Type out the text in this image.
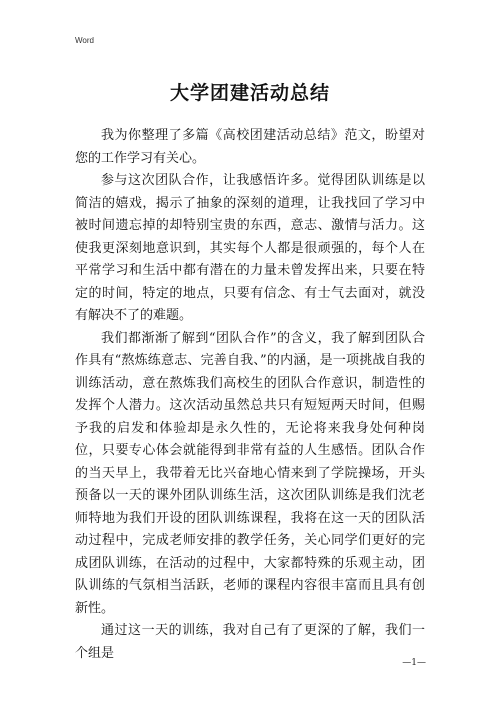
Word

大学团建活动总结

我为你整理了多篇《高校团建活动总结》范文，盼望对您的工作学习有关心。

参与这次团队合作，让我感悟许多。觉得团队训练是以简洁的嬉戏，揭示了抽象的深刻的道理，让我找回了学习中被时间遗忘掉的却特别宝贵的东西，意志、激情与活力。这使我更深刻地意识到，其实每个人都是很顽强的，每个人在平常学习和生活中都有潜在的力量未曾发挥出来，只要在特定的时间，特定的地点，只要有信念、有士气去面对，就没有解决不了的难题。

我们都渐渐了解到“团队合作”的含义，我了解到团队合作具有“熬炼练意志、完善自我、”的内涵，是一项挑战自我的训练活动，意在熬炼我们高校生的团队合作意识，制造性的发挥个人潜力。这次活动虽然总共只有短短两天时间，但赐予我的启发和体验却是永久性的，无论将来我身处何种岗位，只要专心体会就能得到非常有益的人生感悟。团队合作的当天早上，我带着无比兴奋地心情来到了学院操场，开头预备以一天的课外团队训练生活，这次团队训练是我们沈老师特地为我们开设的团队训练课程，我将在这一天的团队活动过程中，完成老师安排的教学任务，关心同学们更好的完成团队训练，在活动的过程中，大家都特殊的乐观主动，团队训练的气氛相当活跃，老师的课程内容很丰富而且具有创新性。

通过这一天的训练，我对自己有了更深的了解，我们一个组是

—1—
